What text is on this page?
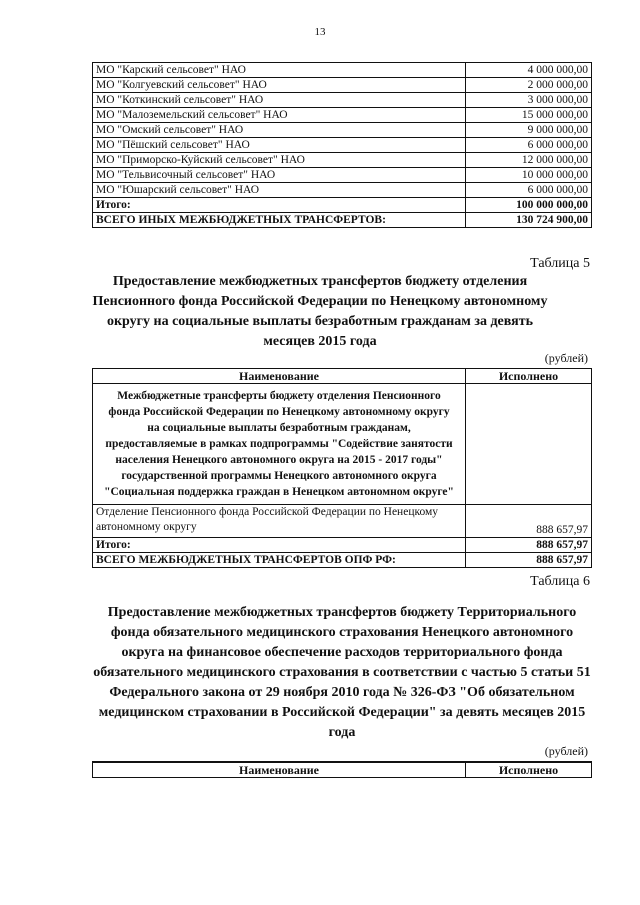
13
МО "Карский сельсовет" НАО	4 000 000,00
МО "Колгуевский сельсовет" НАО	2 000 000,00
МО "Коткинский сельсовет" НАО	3 000 000,00
МО "Малоземельский сельсовет" НАО	15 000 000,00
МО "Омский сельсовет" НАО	9 000 000,00
МО "Пёшский сельсовет" НАО	6 000 000,00
МО "Приморско-Куйский сельсовет" НАО	12 000 000,00
МО "Тельвисочный сельсовет" НАО	10 000 000,00
МО "Юшарский сельсовет" НАО	6 000 000,00
Итого:	100 000 000,00
ВСЕГО ИНЫХ МЕЖБЮДЖЕТНЫХ ТРАНСФЕРТОВ:	130 724 900,00
Таблица 5
Предоставление межбюджетных трансфертов бюджету отделения Пенсионного фонда Российской Федерации по Ненецкому автономному округу на социальные выплаты безработным гражданам за девять месяцев 2015 года
(рублей)
Наименование	Исполнено
Межбюджетные трансферты бюджету отделения Пенсионного фонда Российской Федерации по Ненецкому автономному округу на социальные выплаты безработным гражданам, предоставляемые в рамках подпрограммы "Содействие занятости населения Ненецкого автономного округа на 2015 - 2017 годы" государственной программы Ненецкого автономного округа "Социальная поддержка граждан в Ненецком автономном округе"	
Отделение Пенсионного фонда Российской Федерации по Ненецкому автономному округу	888 657,97
Итого:	888 657,97
ВСЕГО МЕЖБЮДЖЕТНЫХ ТРАНСФЕРТОВ ОПФ РФ:	888 657,97
Таблица 6
Предоставление межбюджетных трансфертов бюджету Территориального фонда обязательного медицинского страхования Ненецкого автономного округа на финансовое обеспечение расходов территориального фонда обязательного медицинского страхования в соответствии с частью 5 статьи 51 Федерального закона от 29 ноября 2010 года № 326-ФЗ "Об обязательном медицинском страховании в Российской Федерации" за девять месяцев 2015 года
(рублей)
Наименование	Исполнено
